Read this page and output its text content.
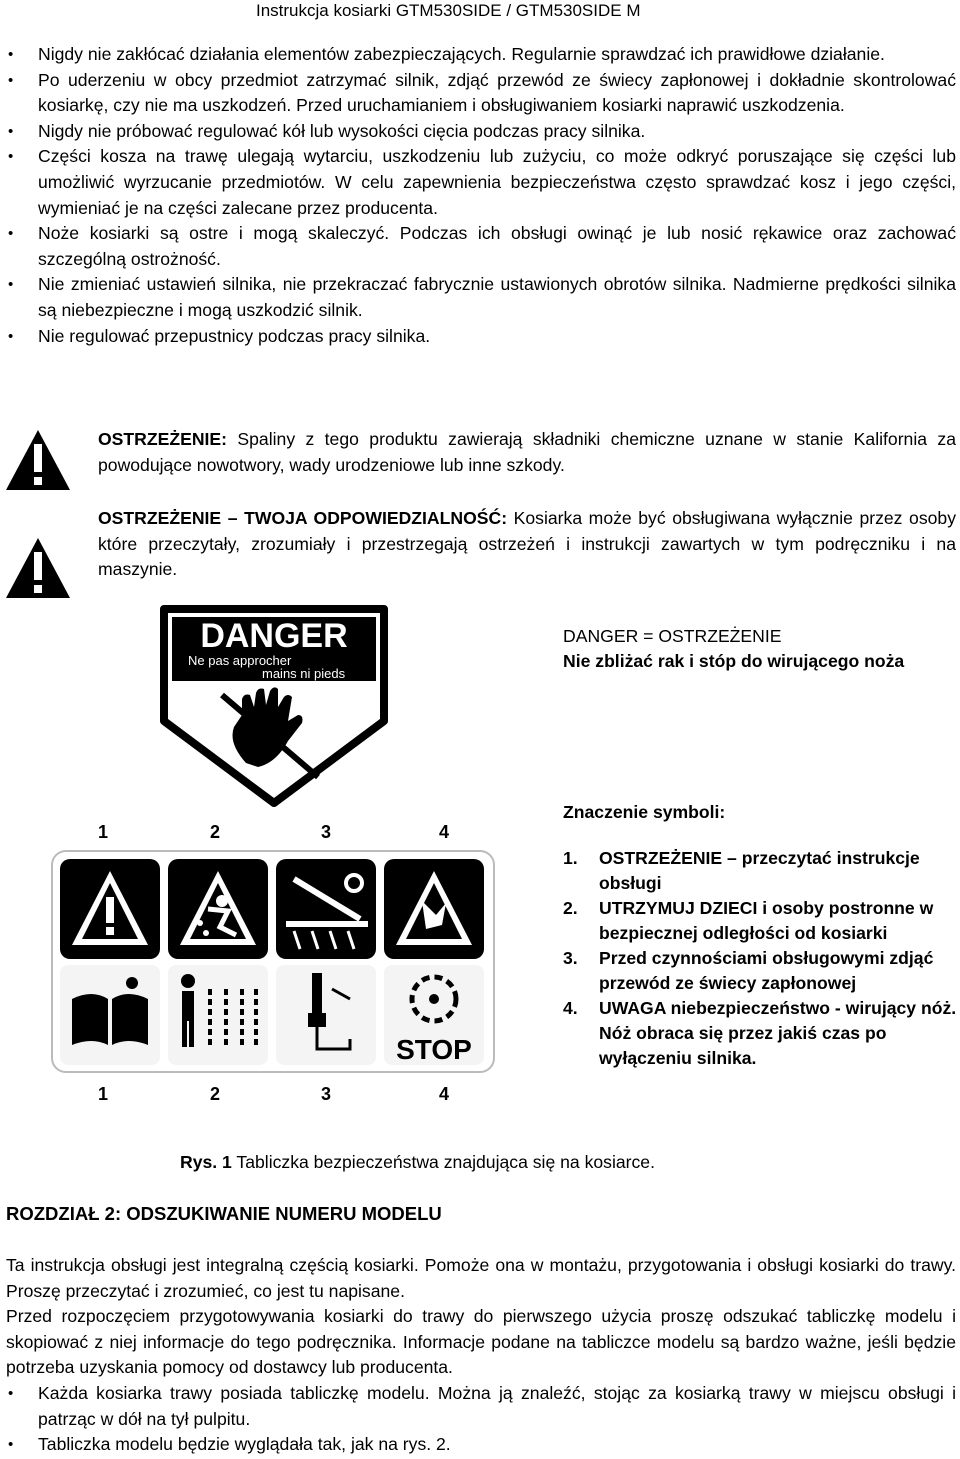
Instrukcja kosiarki GTM530SIDE / GTM530SIDE M
• Nigdy nie zakłócać działania elementów zabezpieczających. Regularnie sprawdzać ich prawidłowe działanie.
• Po uderzeniu w obcy przedmiot zatrzymać silnik, zdjąć przewód ze świecy zapłonowej i dokładnie skontrolować kosiarkę, czy nie ma uszkodzeń. Przed uruchamianiem i obsługiwaniem kosiarki naprawić uszkodzenia.
• Nigdy nie próbować regulować kół lub wysokości cięcia podczas pracy silnika.
• Części kosza na trawę ulegają wytarciu, uszkodzeniu lub zużyciu, co może odkryć poruszające się części lub umożliwić wyrzucanie przedmiotów. W celu zapewnienia bezpieczeństwa często sprawdzać kosz i jego części, wymieniać je na części zalecane przez producenta.
• Noże kosiarki są ostre i mogą skaleczyć. Podczas ich obsługi owinąć je lub nosić rękawice oraz zachować szczególną ostrożność.
• Nie zmieniać ustawień silnika, nie przekraczać fabrycznie ustawionych obrotów silnika. Nadmierne prędkości silnika są niebezpieczne i mogą uszkodzić silnik.
• Nie regulować przepustnicy podczas pracy silnika.
OSTRZEŻENIE: Spaliny z tego produktu zawierają składniki chemiczne uznane w stanie Kalifornia za powodujące nowotwory, wady urodzeniowe lub inne szkody.
OSTRZEŻENIE – TWOJA ODPOWIEDZIALNOŚĆ: Kosiarka może być obsługiwana wyłącznie przez osoby które przeczytały, zrozumiały i przestrzegają ostrzeżeń i instrukcji zawartych w tym podręczniku i na maszynie.
DANGER
Ne pas approcher
mains ni pieds
DANGER = OSTRZEŻENIE
Nie zbliżać rak i stóp do wirującego noża
1	2	3	4
STOP
1	2	3	4
Znaczenie symboli:
1. OSTRZEŻENIE – przeczytać instrukcje obsługi
2. UTRZYMUJ DZIECI i osoby postronne w bezpiecznej odległości od kosiarki
3. Przed czynnościami obsługowymi zdjąć przewód ze świecy zapłonowej
4. UWAGA niebezpieczeństwo - wirujący nóż. Nóż obraca się przez jakiś czas po wyłączeniu silnika.
Rys. 1 Tabliczka bezpieczeństwa znajdująca się na kosiarce.
ROZDZIAŁ 2: ODSZUKIWANIE NUMERU MODELU
Ta instrukcja obsługi jest integralną częścią kosiarki. Pomoże ona w montażu, przygotowania i obsługi kosiarki do trawy. Proszę przeczytać i zrozumieć, co jest tu napisane.
Przed rozpoczęciem przygotowywania kosiarki do trawy do pierwszego użycia proszę odszukać tabliczkę modelu i skopiować z niej informacje do tego podręcznika. Informacje podane na tabliczce modelu są bardzo ważne, jeśli będzie potrzeba uzyskania pomocy od dostawcy lub producenta.
• Każda kosiarka trawy posiada tabliczkę modelu. Można ją znaleźć, stojąc za kosiarką trawy w miejscu obsługi i patrząc w dół na tył pulpitu.
• Tabliczka modelu będzie wyglądała tak, jak na rys. 2.
